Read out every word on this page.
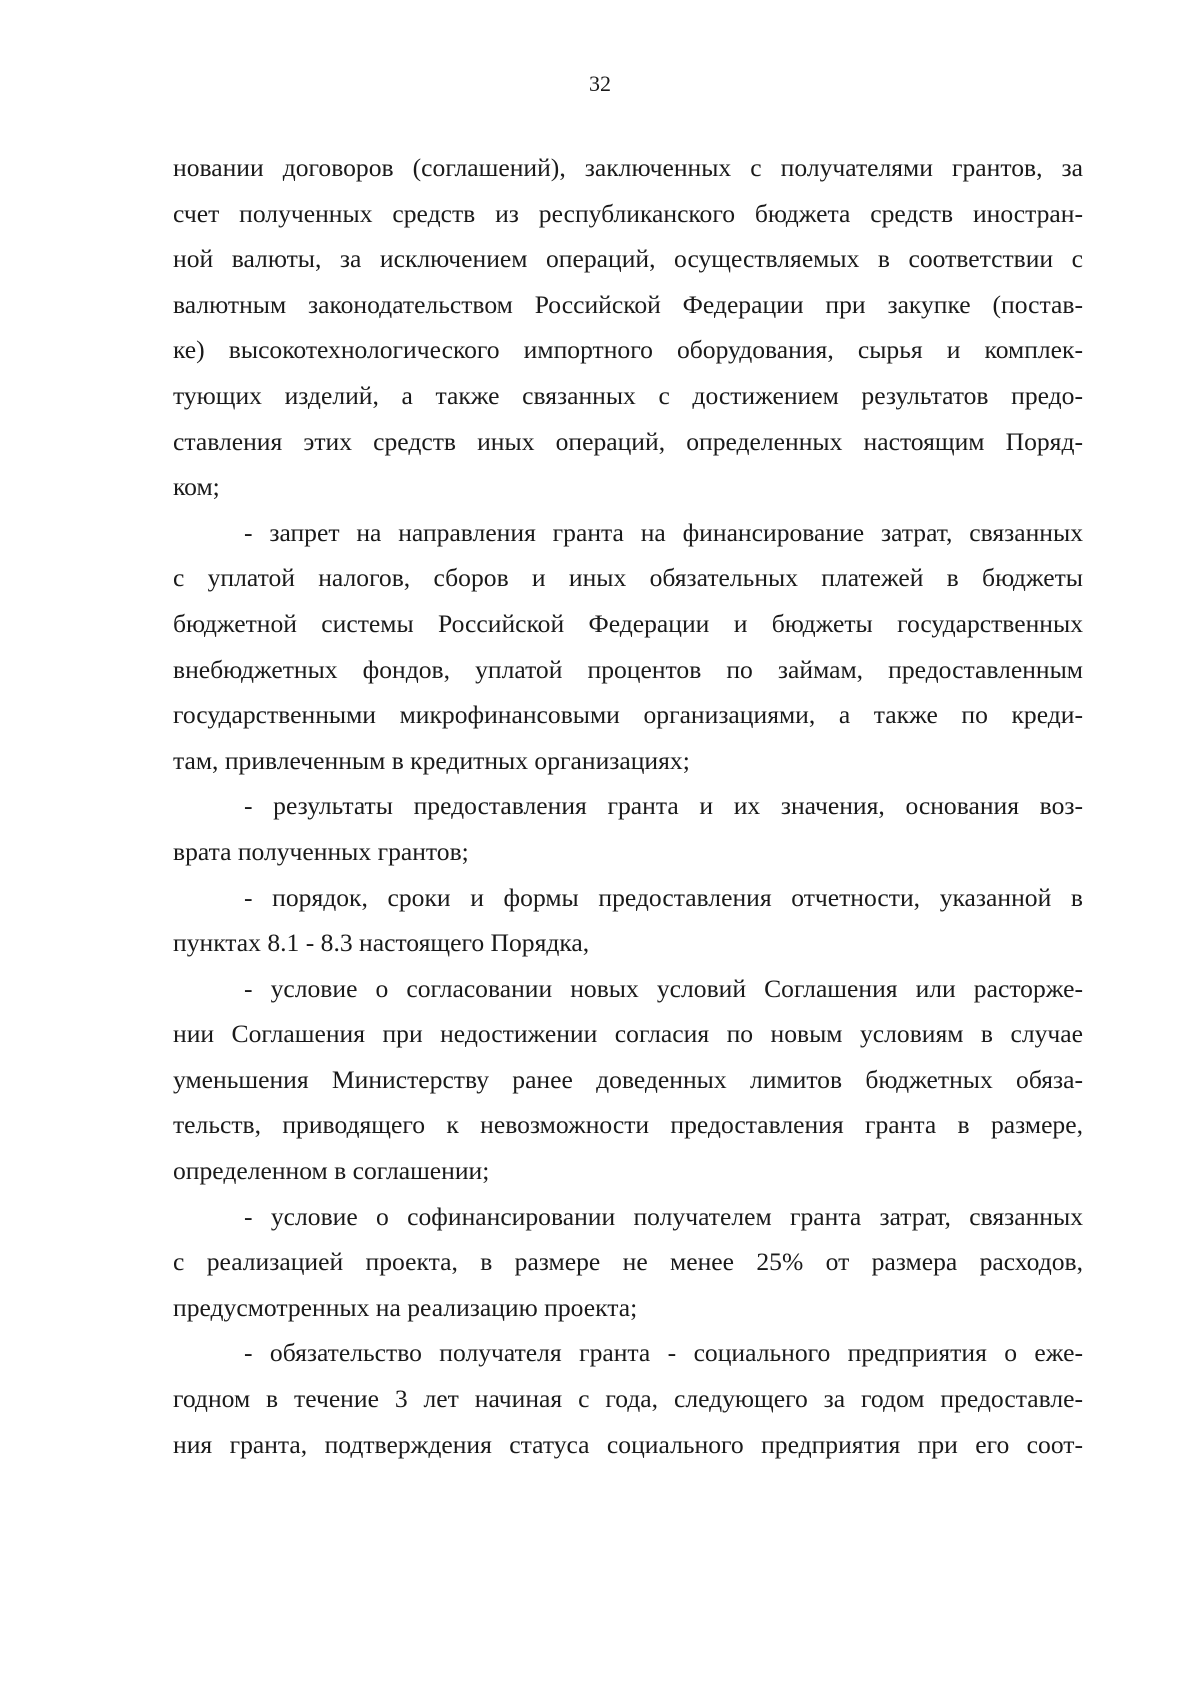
32

новании договоров (соглашений), заключенных с получателями грантов, за
счет полученных средств из республиканского бюджета средств иностран-
ной валюты, за исключением операций, осуществляемых в соответствии с
валютным законодательством Российской Федерации при закупке (постав-
ке) высокотехнологического импортного оборудования, сырья и комплек-
тующих изделий, а также связанных с достижением результатов предо-
ставления этих средств иных операций, определенных настоящим Поряд-
ком;

- запрет на направления гранта на финансирование затрат, связанных
с уплатой налогов, сборов и иных обязательных платежей в бюджеты
бюджетной системы Российской Федерации и бюджеты государственных
внебюджетных фондов, уплатой процентов по займам, предоставленным
государственными микрофинансовыми организациями, а также по креди-
там, привлеченным в кредитных организациях;

- результаты предоставления гранта и их значения, основания воз-
врата полученных грантов;

- порядок, сроки и формы предоставления отчетности, указанной в
пунктах 8.1 - 8.3 настоящего Порядка,

- условие о согласовании новых условий Соглашения или расторже-
нии Соглашения при недостижении согласия по новым условиям в случае
уменьшения Министерству ранее доведенных лимитов бюджетных обяза-
тельств, приводящего к невозможности предоставления гранта в размере,
определенном в соглашении;

- условие о софинансировании получателем гранта затрат, связанных
с реализацией проекта, в размере не менее 25% от размера расходов,
предусмотренных на реализацию проекта;

- обязательство получателя гранта - социального предприятия о еже-
годном в течение 3 лет начиная с года, следующего за годом предоставле-
ния гранта, подтверждения статуса социального предприятия при его соот-
